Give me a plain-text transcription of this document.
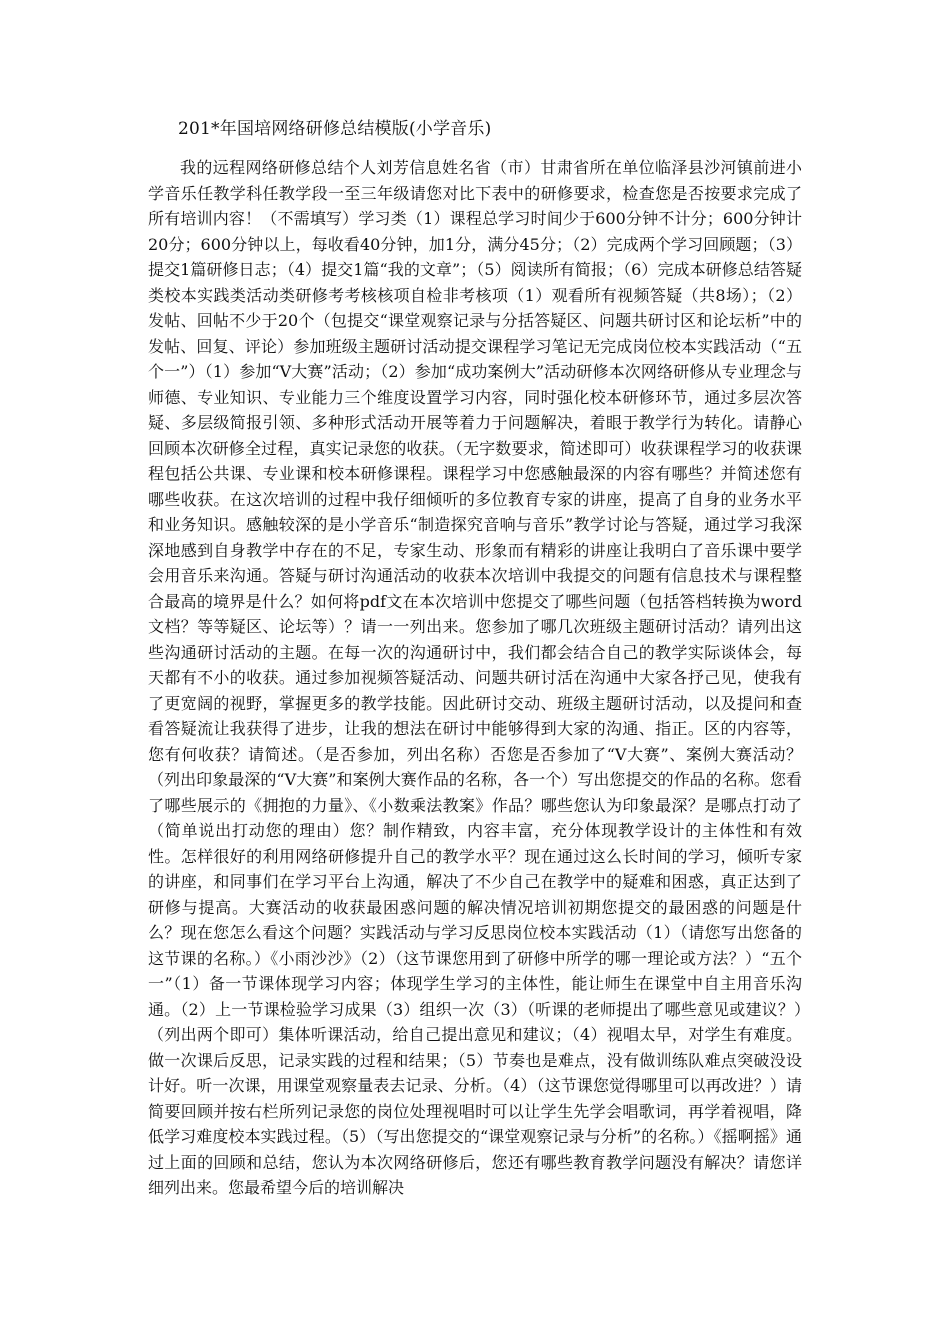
201*年国培网络研修总结模版(小学音乐)

我的远程网络研修总结个人刘芳信息姓名省（市）甘肃省所在单位临泽县沙河镇前进小学音乐任教学科任教学段一至三年级请您对比下表中的研修要求，检查您是否按要求完成了所有培训内容！（不需填写）学习类（1）课程总学习时间少于600分钟不计分；600分钟计20分；600分钟以上，每收看40分钟，加1分，满分45分；（2）完成两个学习回顾题；（3）提交1篇研修日志；（4）提交1篇“我的文章”；（5）阅读所有简报；（6）完成本研修总结答疑类校本实践类活动类研修考考核核项自检非考核项（1）观看所有视频答疑（共8场）；（2）发帖、回帖不少于20个（包提交“课堂观察记录与分括答疑区、问题共研讨区和论坛析”中的发帖、回复、评论）参加班级主题研讨活动提交课程学习笔记无完成岗位校本实践活动（“五个一”）（1）参加“V大赛”活动；（2）参加“成功案例大”活动研修本次网络研修从专业理念与师德、专业知识、专业能力三个维度设置学习内容，同时强化校本研修环节，通过多层次答疑、多层级简报引领、多种形式活动开展等着力于问题解决，着眼于教学行为转化。请静心回顾本次研修全过程，真实记录您的收获。（无字数要求，简述即可）收获课程学习的收获课程包括公共课、专业课和校本研修课程。课程学习中您感触最深的内容有哪些？并简述您有哪些收获。在这次培训的过程中我仔细倾听的多位教育专家的讲座，提高了自身的业务水平和业务知识。感触较深的是小学音乐“制造探究音响与音乐”教学讨论与答疑，通过学习我深深地感到自身教学中存在的不足，专家生动、形象而有精彩的讲座让我明白了音乐课中要学会用音乐来沟通。答疑与研讨沟通活动的收获本次培训中我提交的问题有信息技术与课程整合最高的境界是什么？如何将pdf文在本次培训中您提交了哪些问题（包括答档转换为word文档？等等疑区、论坛等）？请一一列出来。您参加了哪几次班级主题研讨活动？请列出这些沟通研讨活动的主题。在每一次的沟通研讨中，我们都会结合自己的教学实际谈体会，每天都有不小的收获。通过参加视频答疑活动、问题共研讨活在沟通中大家各抒己见，使我有了更宽阔的视野，掌握更多的教学技能。因此研讨交动、班级主题研讨活动，以及提问和查看答疑流让我获得了进步，让我的想法在研讨中能够得到大家的沟通、指正。区的内容等，您有何收获？请简述。（是否参加，列出名称）否您是否参加了“V大赛”、案例大赛活动？（列出印象最深的“V大赛”和案例大赛作品的名称，各一个）写出您提交的作品的名称。您看了哪些展示的《拥抱的力量》、《小数乘法教案》作品？哪些您认为印象最深？是哪点打动了（简单说出打动您的理由）您？制作精致，内容丰富，充分体现教学设计的主体性和有效性。怎样很好的利用网络研修提升自己的教学水平？现在通过这么长时间的学习，倾听专家的讲座，和同事们在学习平台上沟通，解决了不少自己在教学中的疑难和困惑，真正达到了研修与提高。大赛活动的收获最困惑问题的解决情况培训初期您提交的最困惑的问题是什么？现在您怎么看这个问题？实践活动与学习反思岗位校本实践活动（1）（请您写出您备的这节课的名称。）《小雨沙沙》（2）（这节课您用到了研修中所学的哪一理论或方法？）“五个一”（1）备一节课体现学习内容；体现学生学习的主体性，能让师生在课堂中自主用音乐沟通。（2）上一节课检验学习成果（3）组织一次（3）（听课的老师提出了哪些意见或建议？）（列出两个即可）集体听课活动，给自己提出意见和建议；（4）视唱太早，对学生有难度。做一次课后反思，记录实践的过程和结果；（5）节奏也是难点，没有做训练队难点突破没设计好。听一次课，用课堂观察量表去记录、分析。（4）（这节课您觉得哪里可以再改进？）请简要回顾并按右栏所列记录您的岗位处理视唱时可以让学生先学会唱歌词，再学着视唱，降低学习难度校本实践过程。（5）（写出您提交的“课堂观察记录与分析”的名称。）《摇啊摇》通过上面的回顾和总结，您认为本次网络研修后，您还有哪些教育教学问题没有解决？请您详细列出来。您最希望今后的培训解决
